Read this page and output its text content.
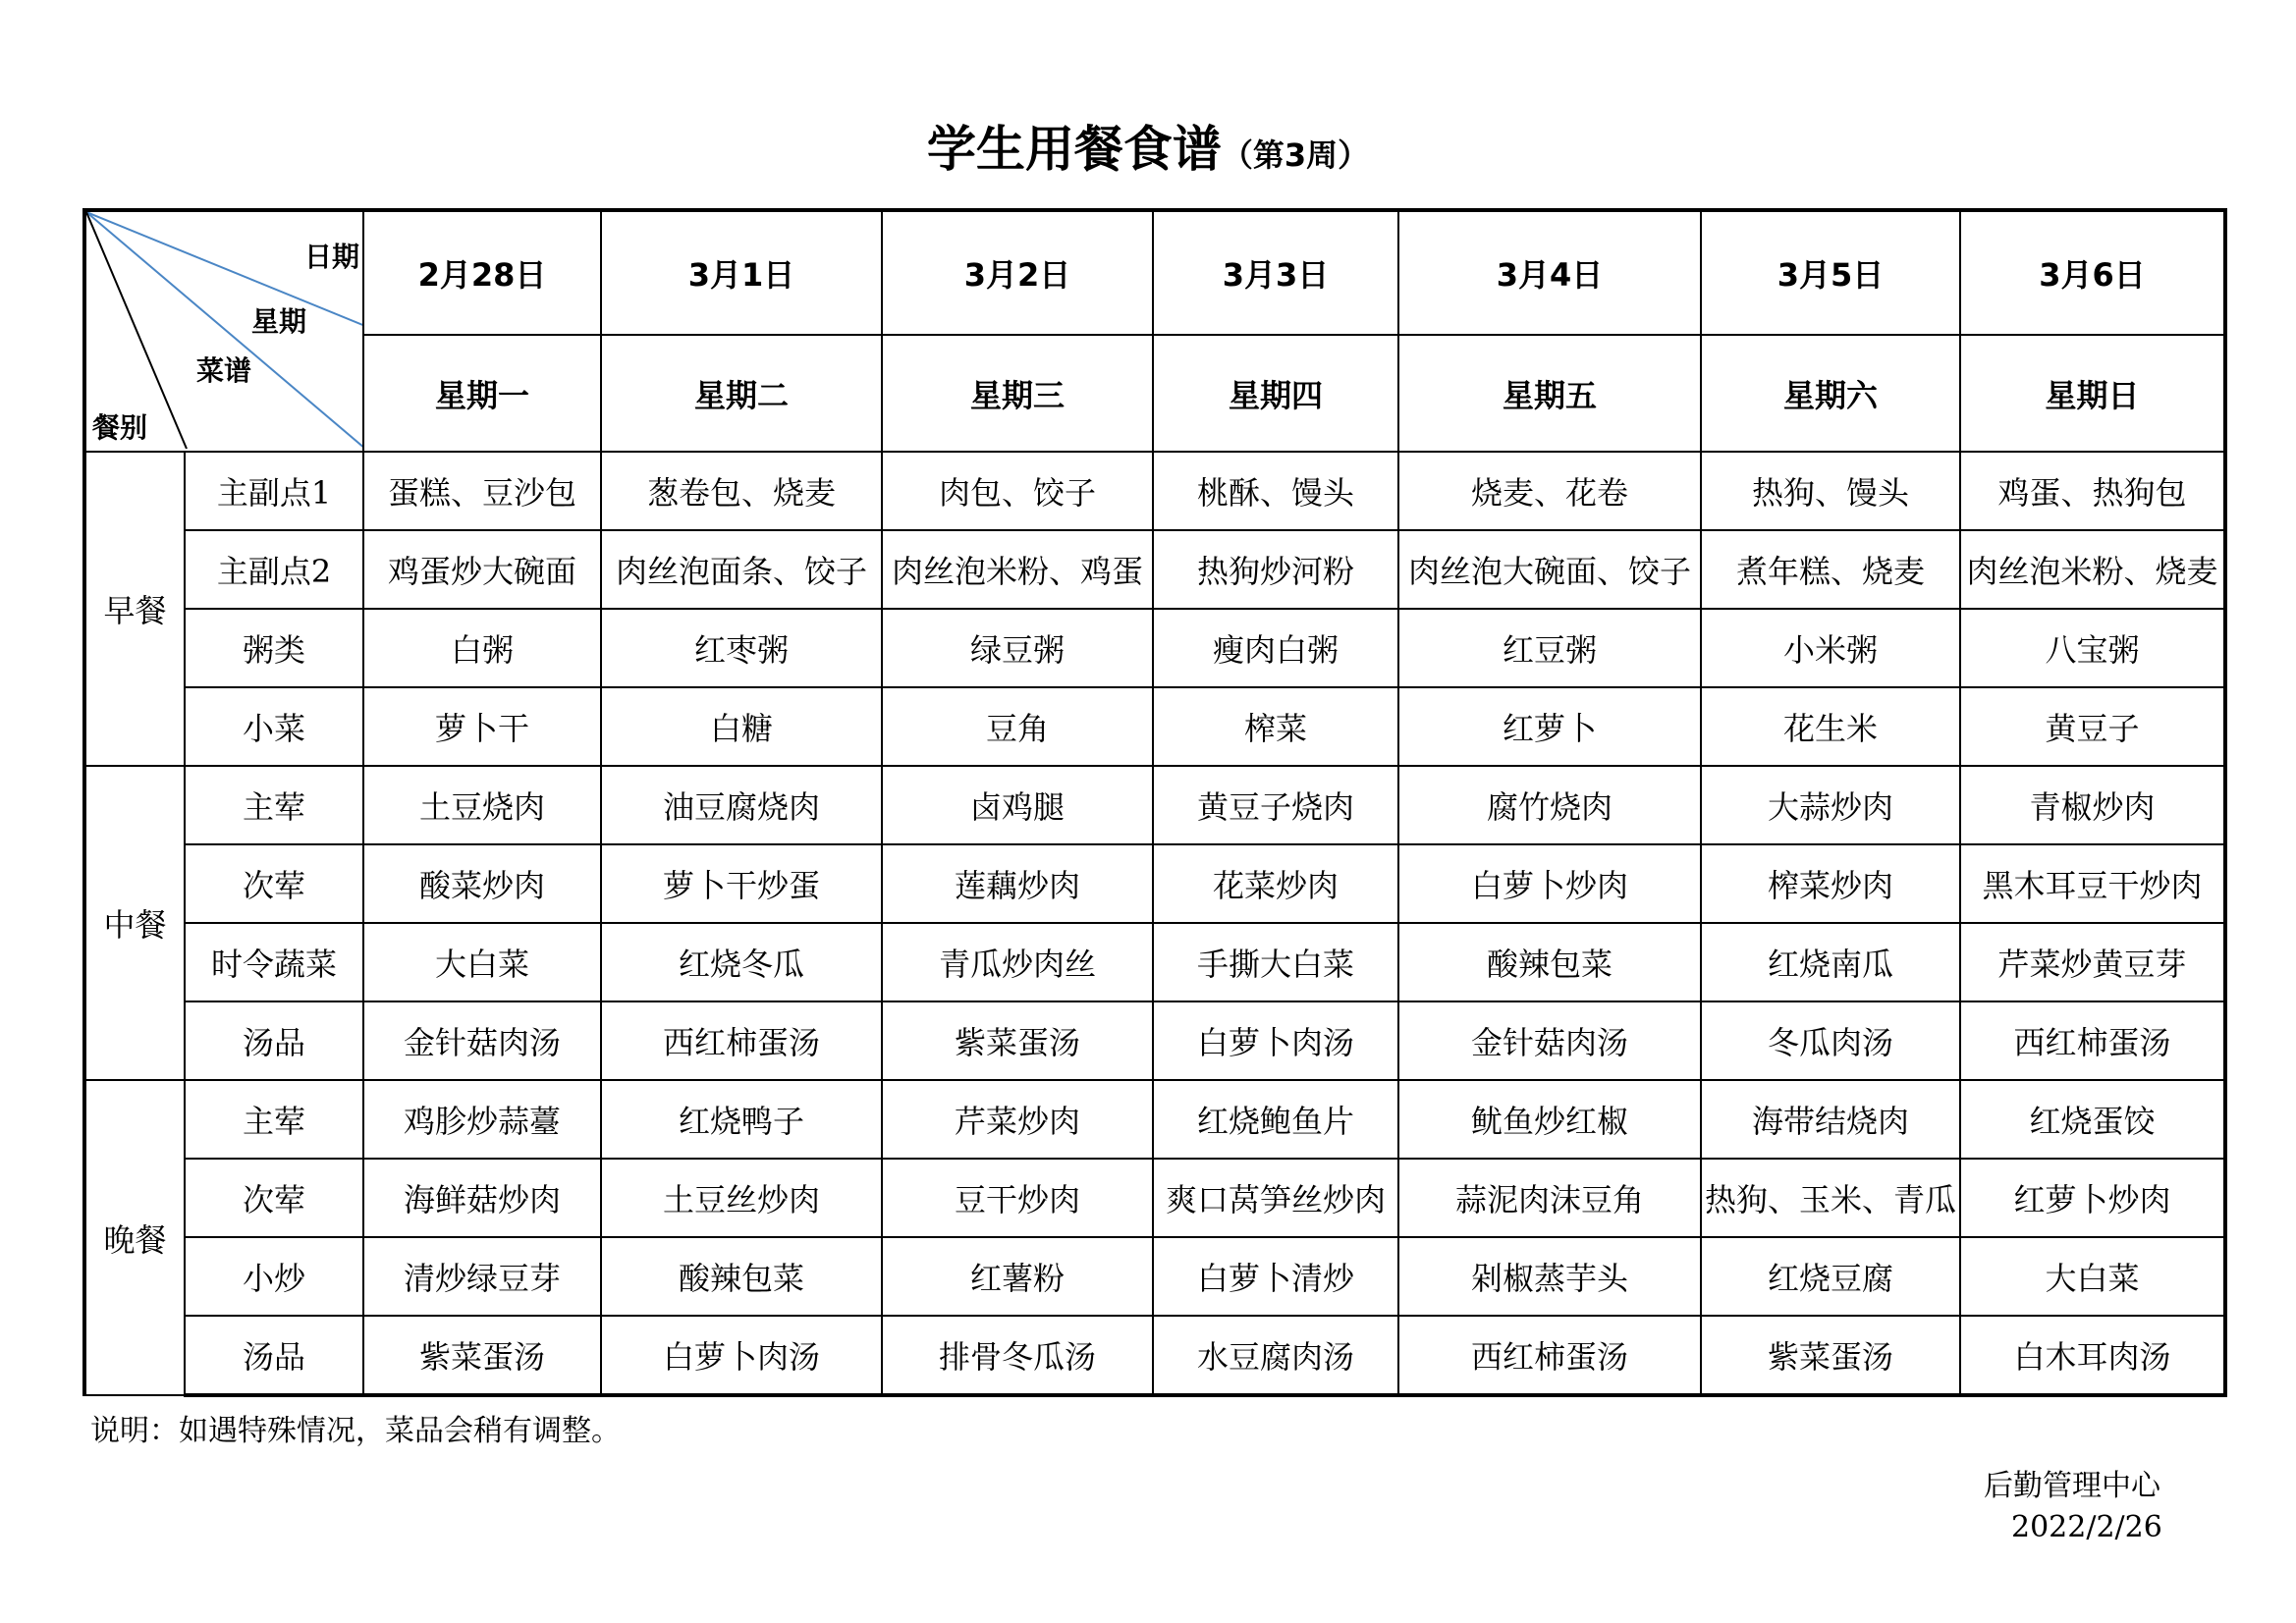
学生用餐食谱（第3周）
日期
星期
菜谱
餐别		2月28日	3月1日	3月2日	3月3日	3月4日	3月5日	3月6日
		星期一	星期二	星期三	星期四	星期五	星期六	星期日
早餐	主副点1	蛋糕、豆沙包	葱卷包、烧麦	肉包、饺子	桃酥、馒头	烧麦、花卷	热狗、馒头	鸡蛋、热狗包
	主副点2	鸡蛋炒大碗面	肉丝泡面条、饺子	肉丝泡米粉、鸡蛋	热狗炒河粉	肉丝泡大碗面、饺子	煮年糕、烧麦	肉丝泡米粉、烧麦
	粥类	白粥	红枣粥	绿豆粥	瘦肉白粥	红豆粥	小米粥	八宝粥
	小菜	萝卜干	白糖	豆角	榨菜	红萝卜	花生米	黄豆子
中餐	主荤	土豆烧肉	油豆腐烧肉	卤鸡腿	黄豆子烧肉	腐竹烧肉	大蒜炒肉	青椒炒肉
	次荤	酸菜炒肉	萝卜干炒蛋	莲藕炒肉	花菜炒肉	白萝卜炒肉	榨菜炒肉	黑木耳豆干炒肉
	时令蔬菜	大白菜	红烧冬瓜	青瓜炒肉丝	手撕大白菜	酸辣包菜	红烧南瓜	芹菜炒黄豆芽
	汤品	金针菇肉汤	西红柿蛋汤	紫菜蛋汤	白萝卜肉汤	金针菇肉汤	冬瓜肉汤	西红柿蛋汤
晚餐	主荤	鸡胗炒蒜薹	红烧鸭子	芹菜炒肉	红烧鲍鱼片	鱿鱼炒红椒	海带结烧肉	红烧蛋饺
	次荤	海鲜菇炒肉	土豆丝炒肉	豆干炒肉	爽口莴笋丝炒肉	蒜泥肉沫豆角	热狗、玉米、青瓜	红萝卜炒肉
	小炒	清炒绿豆芽	酸辣包菜	红薯粉	白萝卜清炒	剁椒蒸芋头	红烧豆腐	大白菜
	汤品	紫菜蛋汤	白萝卜肉汤	排骨冬瓜汤	水豆腐肉汤	西红柿蛋汤	紫菜蛋汤	白木耳肉汤
说明：如遇特殊情况，菜品会稍有调整。
后勤管理中心
2022/2/26
